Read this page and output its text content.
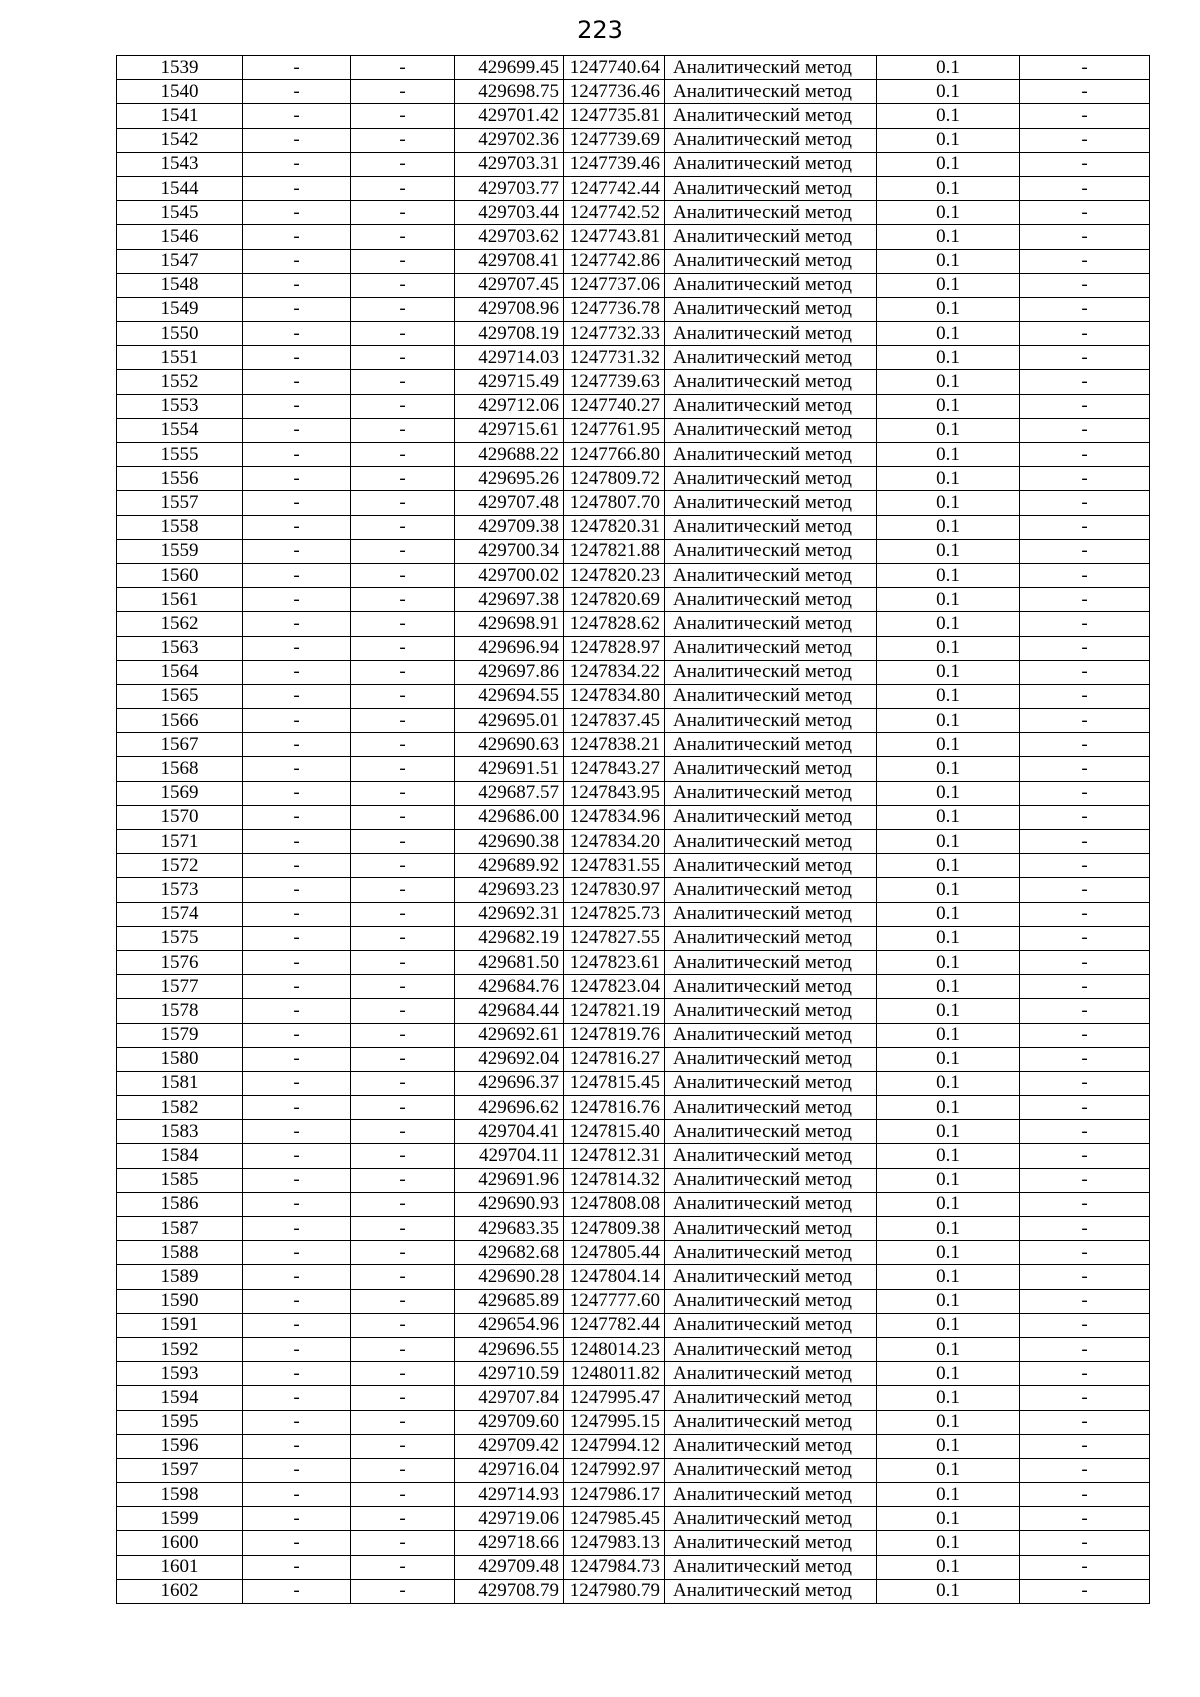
223
1539	-	-	429699.45	1247740.64	Аналитический метод	0.1	-
1540	-	-	429698.75	1247736.46	Аналитический метод	0.1	-
1541	-	-	429701.42	1247735.81	Аналитический метод	0.1	-
1542	-	-	429702.36	1247739.69	Аналитический метод	0.1	-
1543	-	-	429703.31	1247739.46	Аналитический метод	0.1	-
1544	-	-	429703.77	1247742.44	Аналитический метод	0.1	-
1545	-	-	429703.44	1247742.52	Аналитический метод	0.1	-
1546	-	-	429703.62	1247743.81	Аналитический метод	0.1	-
1547	-	-	429708.41	1247742.86	Аналитический метод	0.1	-
1548	-	-	429707.45	1247737.06	Аналитический метод	0.1	-
1549	-	-	429708.96	1247736.78	Аналитический метод	0.1	-
1550	-	-	429708.19	1247732.33	Аналитический метод	0.1	-
1551	-	-	429714.03	1247731.32	Аналитический метод	0.1	-
1552	-	-	429715.49	1247739.63	Аналитический метод	0.1	-
1553	-	-	429712.06	1247740.27	Аналитический метод	0.1	-
1554	-	-	429715.61	1247761.95	Аналитический метод	0.1	-
1555	-	-	429688.22	1247766.80	Аналитический метод	0.1	-
1556	-	-	429695.26	1247809.72	Аналитический метод	0.1	-
1557	-	-	429707.48	1247807.70	Аналитический метод	0.1	-
1558	-	-	429709.38	1247820.31	Аналитический метод	0.1	-
1559	-	-	429700.34	1247821.88	Аналитический метод	0.1	-
1560	-	-	429700.02	1247820.23	Аналитический метод	0.1	-
1561	-	-	429697.38	1247820.69	Аналитический метод	0.1	-
1562	-	-	429698.91	1247828.62	Аналитический метод	0.1	-
1563	-	-	429696.94	1247828.97	Аналитический метод	0.1	-
1564	-	-	429697.86	1247834.22	Аналитический метод	0.1	-
1565	-	-	429694.55	1247834.80	Аналитический метод	0.1	-
1566	-	-	429695.01	1247837.45	Аналитический метод	0.1	-
1567	-	-	429690.63	1247838.21	Аналитический метод	0.1	-
1568	-	-	429691.51	1247843.27	Аналитический метод	0.1	-
1569	-	-	429687.57	1247843.95	Аналитический метод	0.1	-
1570	-	-	429686.00	1247834.96	Аналитический метод	0.1	-
1571	-	-	429690.38	1247834.20	Аналитический метод	0.1	-
1572	-	-	429689.92	1247831.55	Аналитический метод	0.1	-
1573	-	-	429693.23	1247830.97	Аналитический метод	0.1	-
1574	-	-	429692.31	1247825.73	Аналитический метод	0.1	-
1575	-	-	429682.19	1247827.55	Аналитический метод	0.1	-
1576	-	-	429681.50	1247823.61	Аналитический метод	0.1	-
1577	-	-	429684.76	1247823.04	Аналитический метод	0.1	-
1578	-	-	429684.44	1247821.19	Аналитический метод	0.1	-
1579	-	-	429692.61	1247819.76	Аналитический метод	0.1	-
1580	-	-	429692.04	1247816.27	Аналитический метод	0.1	-
1581	-	-	429696.37	1247815.45	Аналитический метод	0.1	-
1582	-	-	429696.62	1247816.76	Аналитический метод	0.1	-
1583	-	-	429704.41	1247815.40	Аналитический метод	0.1	-
1584	-	-	429704.11	1247812.31	Аналитический метод	0.1	-
1585	-	-	429691.96	1247814.32	Аналитический метод	0.1	-
1586	-	-	429690.93	1247808.08	Аналитический метод	0.1	-
1587	-	-	429683.35	1247809.38	Аналитический метод	0.1	-
1588	-	-	429682.68	1247805.44	Аналитический метод	0.1	-
1589	-	-	429690.28	1247804.14	Аналитический метод	0.1	-
1590	-	-	429685.89	1247777.60	Аналитический метод	0.1	-
1591	-	-	429654.96	1247782.44	Аналитический метод	0.1	-
1592	-	-	429696.55	1248014.23	Аналитический метод	0.1	-
1593	-	-	429710.59	1248011.82	Аналитический метод	0.1	-
1594	-	-	429707.84	1247995.47	Аналитический метод	0.1	-
1595	-	-	429709.60	1247995.15	Аналитический метод	0.1	-
1596	-	-	429709.42	1247994.12	Аналитический метод	0.1	-
1597	-	-	429716.04	1247992.97	Аналитический метод	0.1	-
1598	-	-	429714.93	1247986.17	Аналитический метод	0.1	-
1599	-	-	429719.06	1247985.45	Аналитический метод	0.1	-
1600	-	-	429718.66	1247983.13	Аналитический метод	0.1	-
1601	-	-	429709.48	1247984.73	Аналитический метод	0.1	-
1602	-	-	429708.79	1247980.79	Аналитический метод	0.1	-
